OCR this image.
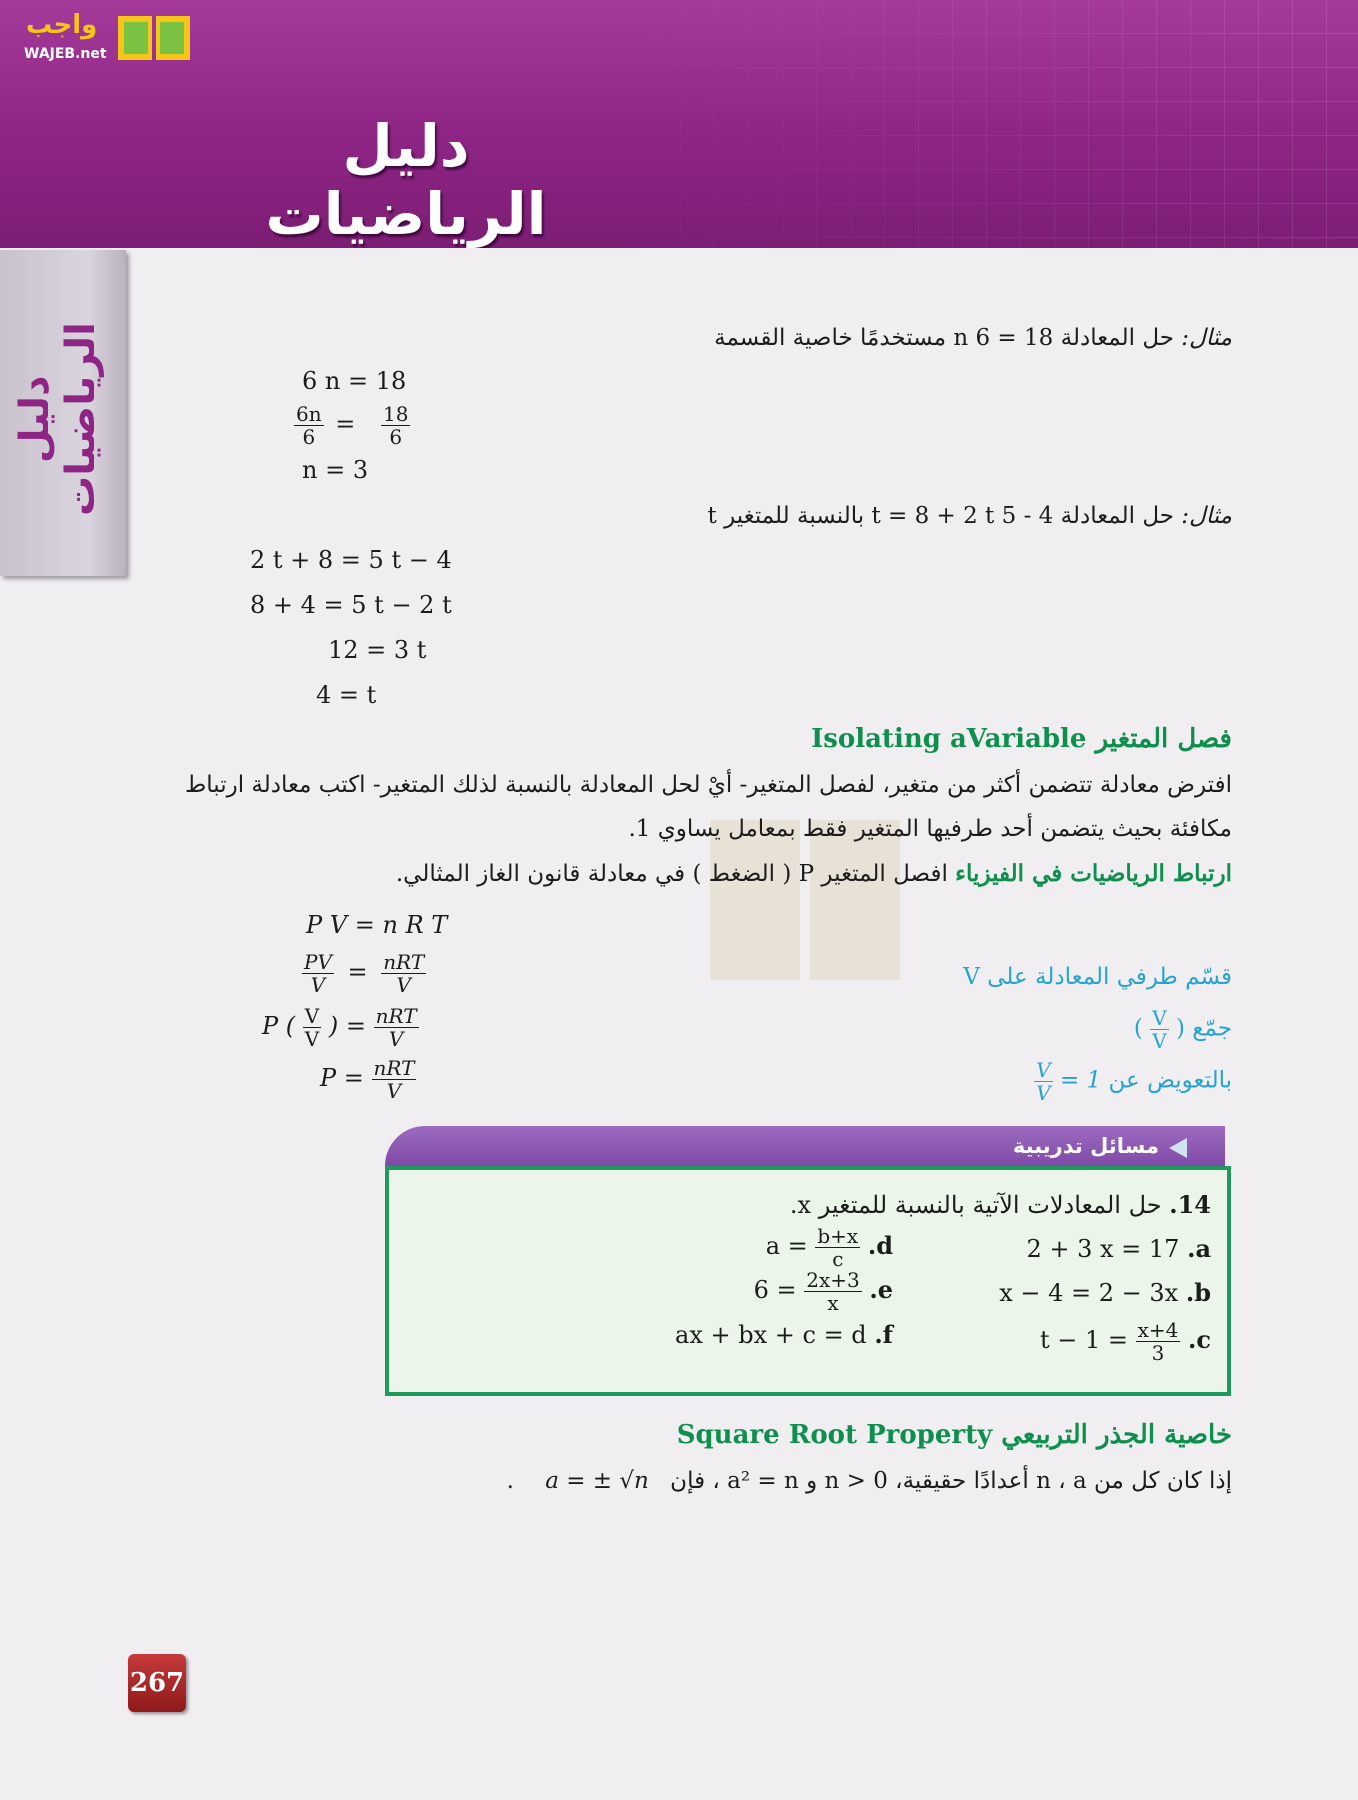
واجب
WAJEB.net
دليل الرياضيات
دليل الرياضيات	مثال: حل المعادلة 18 = 6 n مستخدمًا خاصية القسمة
6 n = 18
$\frac{6n}{6} = \frac{18}{6}$
n = 3
مثال: حل المعادلة 4 - 5 t = 8 + 2 t بالنسبة للمتغير t
2 t + 8 = 5 t − 4
8 + 4 = 5 t − 2 t
12 = 3 t
4 = t
فصل المتغير Isolating aVariable
افترض معادلة تتضمن أكثر من متغير، لفصل المتغير- أيْ لحل المعادلة بالنسبة لذلك المتغير- اكتب معادلة ارتباط
مكافئة بحيث يتضمن أحد طرفيها المتغير فقط بمعامل يساوي 1.
ارتباط الرياضيات في الفيزياء افصل المتغير P ( الضغط ) في معادلة قانون الغاز المثالي.
P V = n R T
$\frac{PV}{V} = \frac{\text{nRT}}{V}$
P ( $\frac{V}{V}$ ) = $\frac{\text{nRT}}{V}$
$P = \frac{\text{nRT}}{V}$
قسّم طرفي المعادلة على V
جمّع (
$\frac{V}{V}$
)
بالتعويض عن
$\frac{V}{V} = 1$
مسائل تدريبية
14. حل المعادلات الآتية بالنسبة للمتغير x.
2 + 3 x = 17 .a
x − 4 = 2 − 3x .b
$t - 1 = \frac{x+4}{3} .c$
$a = \frac{b+x}{c} .d$
$6 = \frac{2x+3}{x} .e$
ax + bx + c = d .f
خاصية الجذر التربيعي Square Root Property
إذا كان كل من n ، a أعدادًا حقيقية، n > 0 و a² = n ، فإن a = ± √n .
267
